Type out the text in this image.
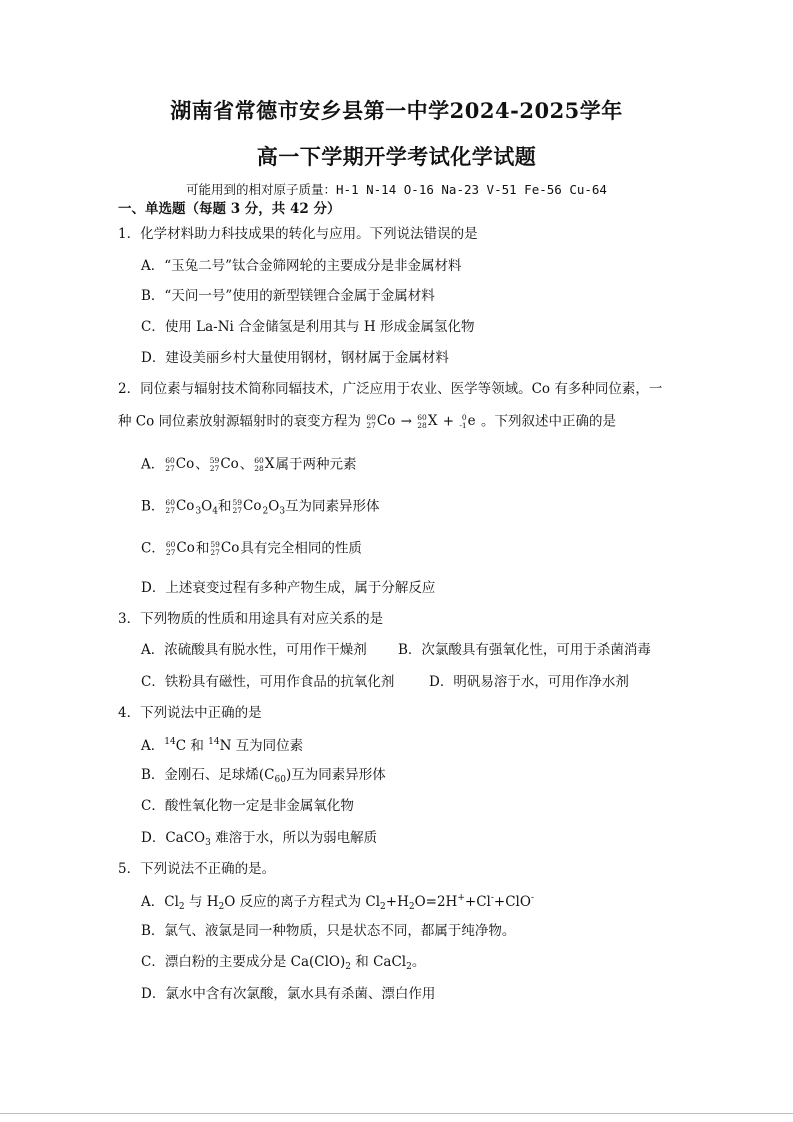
湖南省常德市安乡县第一中学2024-2025学年
高一下学期开学考试化学试题
可能用到的相对原子质量：H-1 N-14 O-16 Na-23 V-51 Fe-56 Cu-64
一、单选题（每题 3 分，共 42 分）
1．化学材料助力科技成果的转化与应用。下列说法错误的是
A．“玉兔二号”钛合金筛网轮的主要成分是非金属材料
B．“天问一号”使用的新型镁锂合金属于金属材料
C．使用 La-Ni 合金储氢是利用其与 H 形成金属氢化物
D．建设美丽乡村大量使用钢材，钢材属于金属材料
2．同位素与辐射技术简称同辐技术，广泛应用于农业、医学等领域。Co 有多种同位素，一
种 Co 同位素放射源辐射时的衰变方程为 60
27 Co → 60
28 X + 0
-1 e 。下列叙述中正确的是
A． 60
27 Co 、 59
27 Co 、 60
28 X 属于两种元素
B． 60
27 Co $_3O_4$和 59
27 Co $_2O_3$互为同素异形体
C． 60
27 Co 和 59
27 Co 具有完全相同的性质
D．上述衰变过程有多种产物生成，属于分解反应
3．下列物质的性质和用途具有对应关系的是
A．浓硫酸具有脱水性，可用作干燥剂 B．次氯酸具有强氧化性，可用于杀菌消毒
C．铁粉具有磁性，可用作食品的抗氧化剂	D．明矾易溶于水，可用作净水剂
4．下列说法中正确的是
A．$^{14}$C 和 $^{14}$N 互为同位素
B．金刚石、足球烯$(C_{60})$互为同素异形体
C．酸性氧化物一定是非金属氧化物
D．CaCO$_3$ 难溶于水，所以为弱电解质
5．下列说法不正确的是。
A．$Cl_2$ 与 $H_2O$ 反应的离子方程式为 $Cl_2+H_2O=2H^++Cl^-+ClO^-$
B．氯气、液氯是同一种物质，只是状态不同，都属于纯净物。
C．漂白粉的主要成分是 $Ca(ClO)_2$ 和 CaCl$_2$。
D．氯水中含有次氯酸，氯水具有杀菌、漂白作用
